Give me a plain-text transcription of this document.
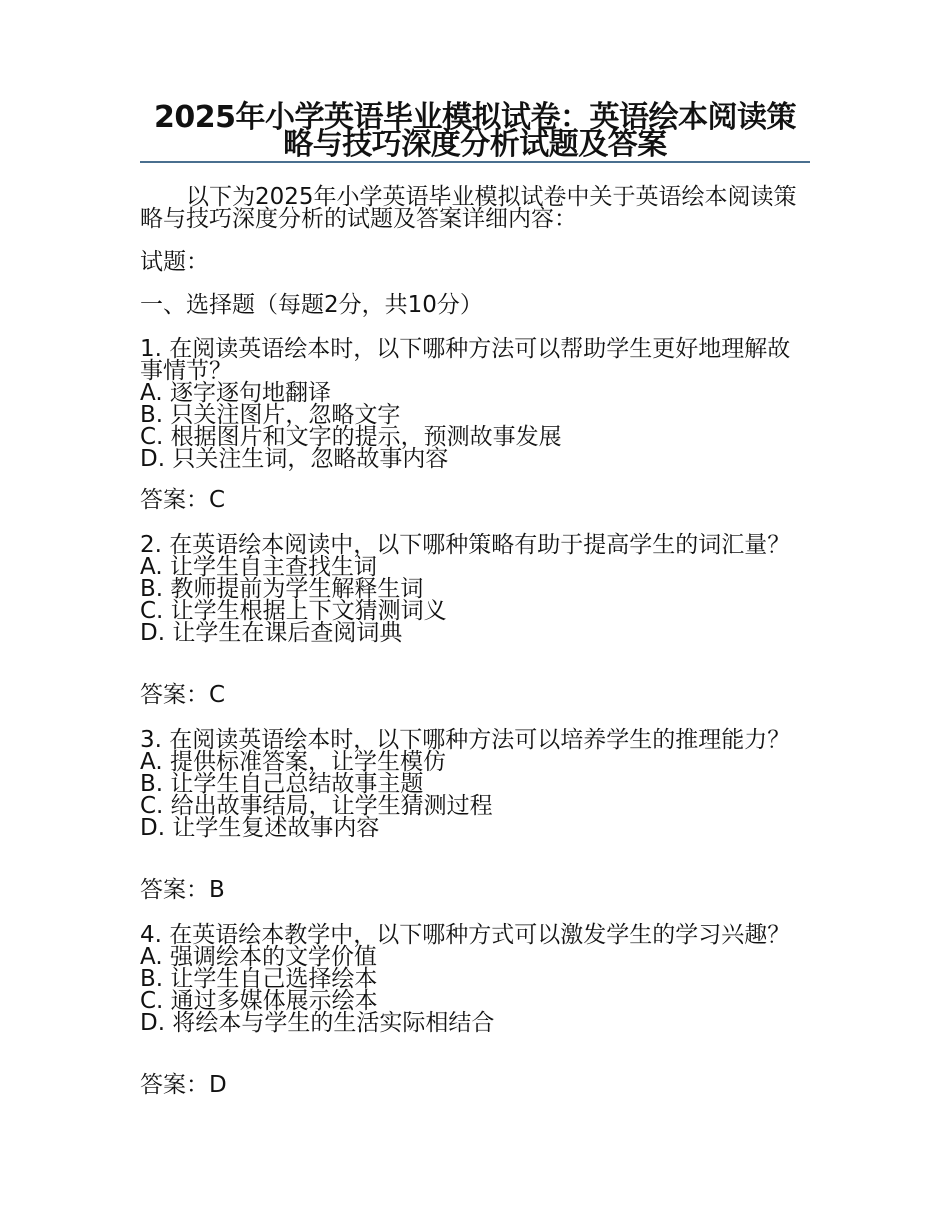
2025年小学英语毕业模拟试卷：英语绘本阅读策略与技巧深度分析试题及答案

以下为2025年小学英语毕业模拟试卷中关于英语绘本阅读策略与技巧深度分析的试题及答案详细内容：

试题：

一、选择题（每题2分，共10分）

1. 在阅读英语绘本时，以下哪种方法可以帮助学生更好地理解故事情节？
A. 逐字逐句地翻译
B. 只关注图片，忽略文字
C. 根据图片和文字的提示，预测故事发展
D. 只关注生词，忽略故事内容

答案：C

2. 在英语绘本阅读中，以下哪种策略有助于提高学生的词汇量？
A. 让学生自主查找生词
B. 教师提前为学生解释生词
C. 让学生根据上下文猜测词义
D. 让学生在课后查阅词典

答案：C

3. 在阅读英语绘本时，以下哪种方法可以培养学生的推理能力？
A. 提供标准答案，让学生模仿
B. 让学生自己总结故事主题
C. 给出故事结局，让学生猜测过程
D. 让学生复述故事内容

答案：B

4. 在英语绘本教学中，以下哪种方式可以激发学生的学习兴趣？
A. 强调绘本的文学价值
B. 让学生自己选择绘本
C. 通过多媒体展示绘本
D. 将绘本与学生的生活实际相结合

答案：D
